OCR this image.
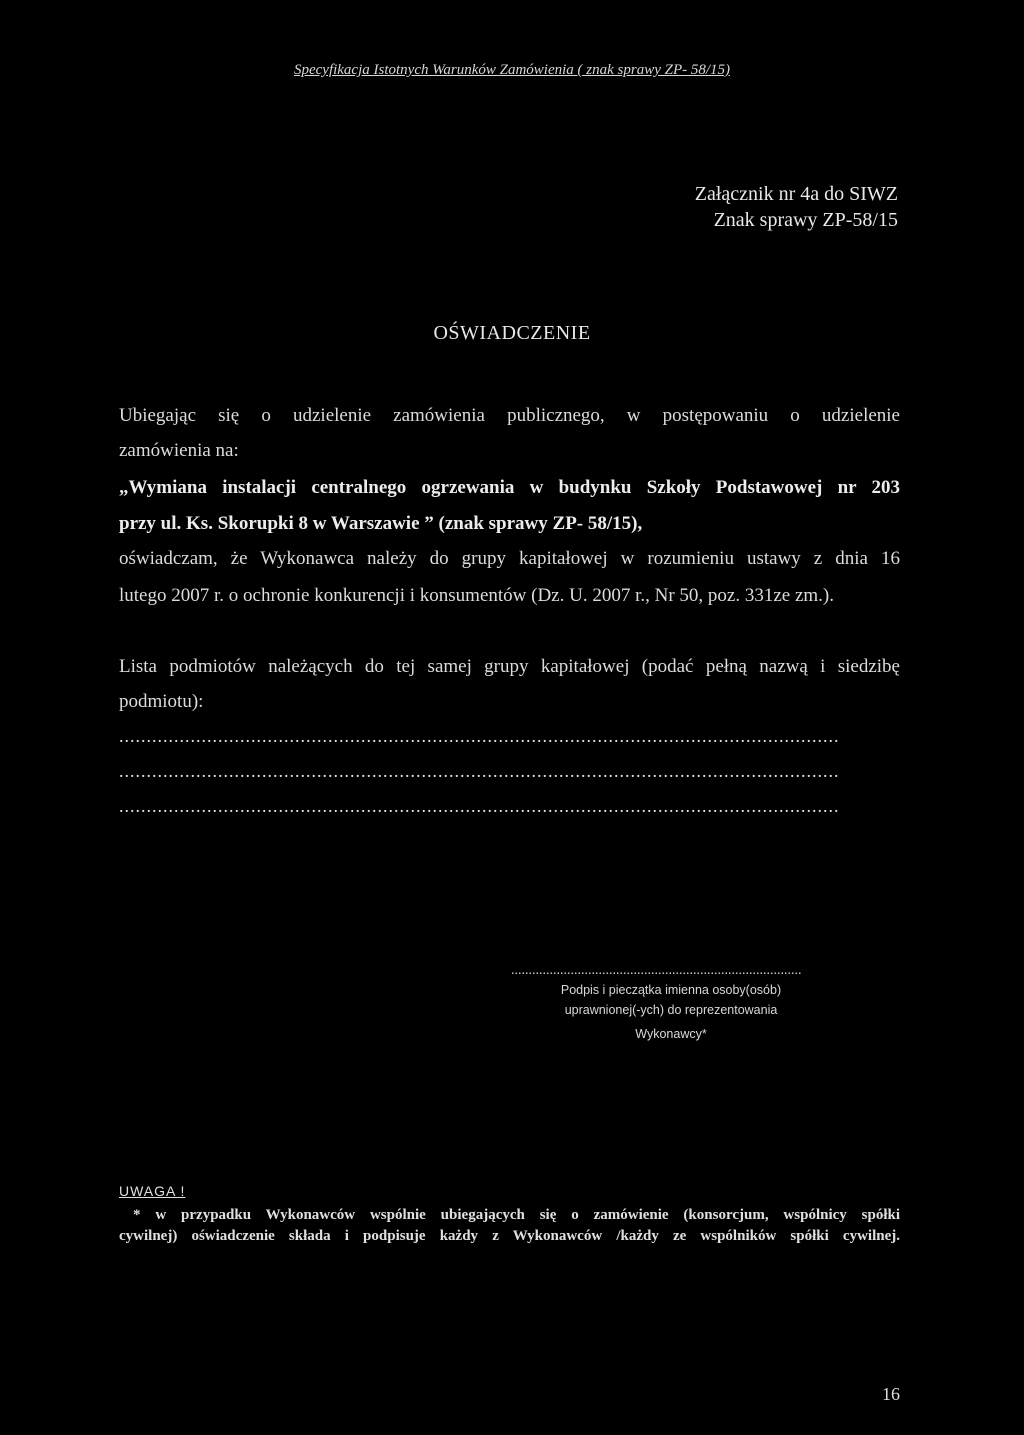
Specyfikacja Istotnych Warunków Zamówienia ( znak sprawy ZP- 58/15)
Załącznik nr 4a do SIWZ
Znak sprawy ZP-58/15
OŚWIADCZENIE
Ubiegając się o udzielenie zamówienia publicznego, w postępowaniu o udzielenie
zamówienia na:
„Wymiana instalacji centralnego ogrzewania w budynku Szkoły Podstawowej nr 203
przy ul. Ks. Skorupki 8 w Warszawie ” (znak sprawy ZP- 58/15),
oświadczam, że Wykonawca należy do grupy kapitałowej w rozumieniu ustawy z dnia 16
lutego 2007 r. o ochronie konkurencji i konsumentów (Dz. U. 2007 r., Nr 50, poz. 331ze zm.).
Lista podmiotów należących do tej samej grupy kapitałowej (podać pełną nazwą i siedzibę
podmiotu):
...................................................................................................................................
...................................................................................................................................
...................................................................................................................................
...................................................................................
Podpis i pieczątka imienna osoby(osób)
uprawnionej(-ych) do reprezentowania
Wykonawcy*
UWAGA !
* w przypadku Wykonawców wspólnie ubiegających się o zamówienie (konsorcjum, wspólnicy spółki
cywilnej) oświadczenie składa i podpisuje każdy z Wykonawców /każdy ze wspólników spółki cywilnej.
16
